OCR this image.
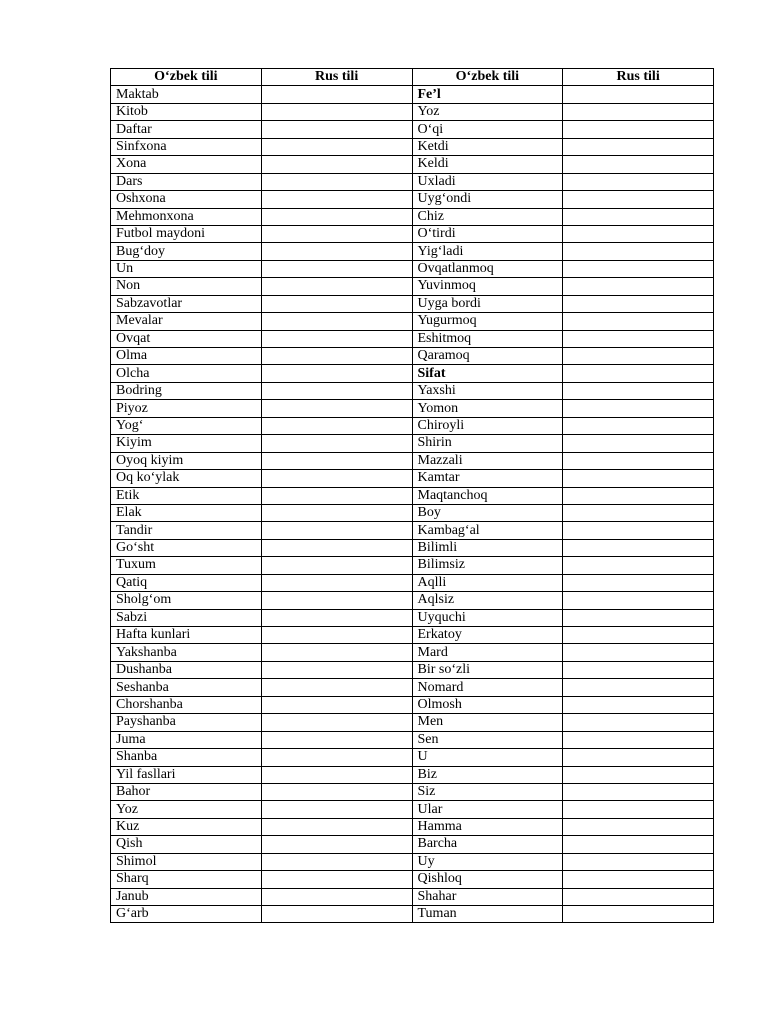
O‘zbek tili	Rus tili	O‘zbek tili	Rus tili
Maktab		Fe’l	
Kitob		Yoz	
Daftar		O‘qi	
Sinfxona		Ketdi	
Xona		Keldi	
Dars		Uxladi	
Oshxona		Uyg‘ondi	
Mehmonxona		Chiz	
Futbol maydoni		O‘tirdi	
Bug‘doy		Yig‘ladi	
Un		Ovqatlanmoq	
Non		Yuvinmoq	
Sabzavotlar		Uyga bordi	
Mevalar		Yugurmoq	
Ovqat		Eshitmoq	
Olma		Qaramoq	
Olcha		Sifat	
Bodring		Yaxshi	
Piyoz		Yomon	
Yog‘		Chiroyli	
Kiyim		Shirin	
Oyoq kiyim		Mazzali	
Oq ko‘ylak		Kamtar	
Etik		Maqtanchoq	
Elak		Boy	
Tandir		Kambag‘al	
Go‘sht		Bilimli	
Tuxum		Bilimsiz	
Qatiq		Aqlli	
Sholg‘om		Aqlsiz	
Sabzi		Uyquchi	
Hafta kunlari		Erkatoy	
Yakshanba		Mard	
Dushanba		Bir so‘zli	
Seshanba		Nomard	
Chorshanba		Olmosh	
Payshanba		Men	
Juma		Sen	
Shanba		U	
Yil fasllari		Biz	
Bahor		Siz	
Yoz		Ular	
Kuz		Hamma	
Qish		Barcha	
Shimol		Uy	
Sharq		Qishloq	
Janub		Shahar	
G‘arb		Tuman	
